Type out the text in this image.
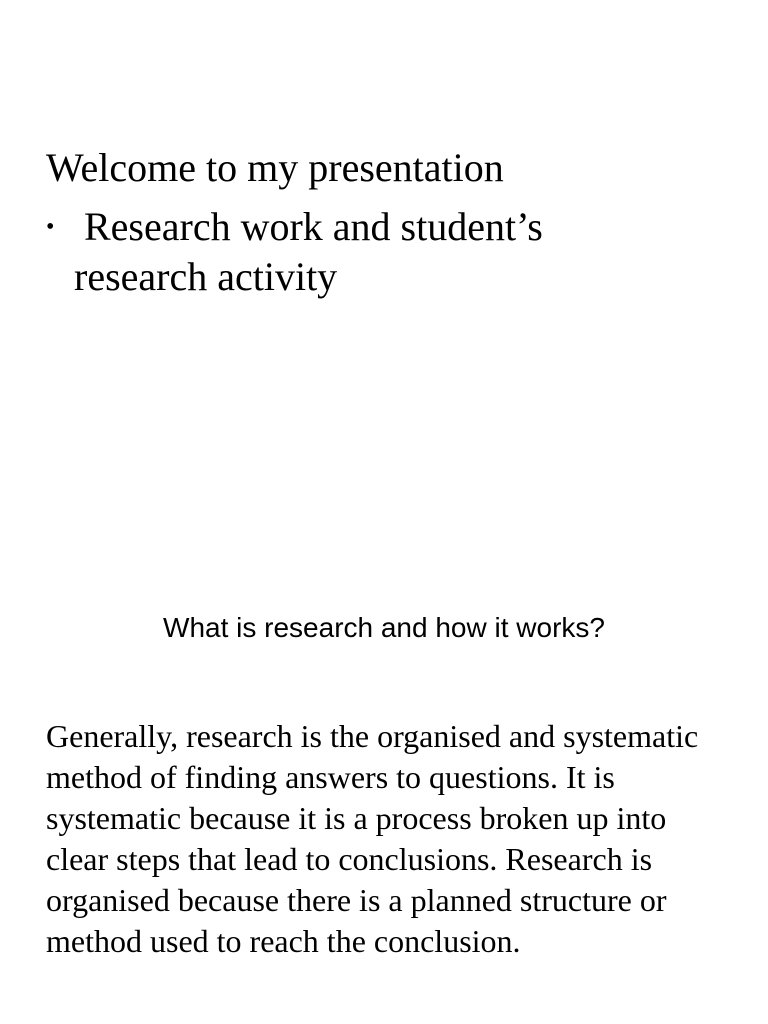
Welcome to my presentation
• Research work and student’s research activity
What is research and how it works?

Generally, research is the organised and systematic method of finding answers to questions. It is systematic because it is a process broken up into clear steps that lead to conclusions. Research is organised because there is a planned structure or method used to reach the conclusion.
